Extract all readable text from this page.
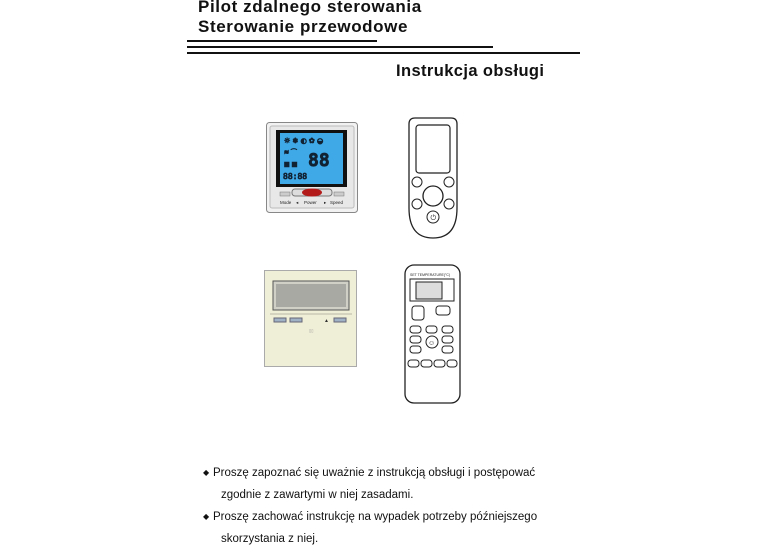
Pilot zdalnego sterowania
Sterowanie przewodowe
Instrukcja obsługi
☼ ❄ ◐ ✿ ◒
88
≋ ⌒
▤ ▥
88:88
Mode ◂ Power ▸ Speed
⏻
▲
▯▯
SET TEMPERATURE(°C)
☺

◆ Proszę zapoznać się uważnie z instrukcją obsługi i postępować
zgodnie z zawartymi w niej zasadami.

◆ Proszę zachować instrukcję na wypadek potrzeby późniejszego
skorzystania z niej.
